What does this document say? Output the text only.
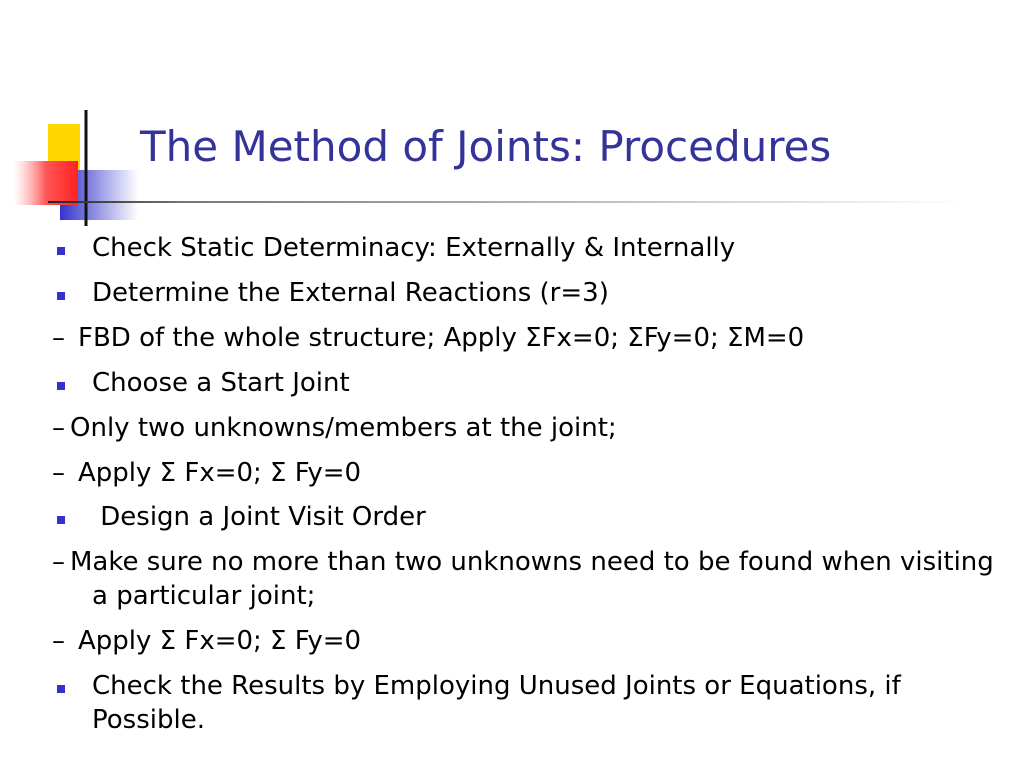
The Method of Joints: Procedures
Check Static Determinacy: Externally & Internally
Determine the External Reactions (r=3)
– FBD of the whole structure; Apply ΣFx=0; ΣFy=0; ΣM=0
Choose a Start Joint
– Only two unknowns/members at the joint;
– Apply Σ Fx=0; Σ Fy=0
Design a Joint Visit Order
– Make sure no more than two unknowns need to be found when visiting a particular joint;
– Apply Σ Fx=0; Σ Fy=0
Check the Results by Employing Unused Joints or Equations, if Possible.
